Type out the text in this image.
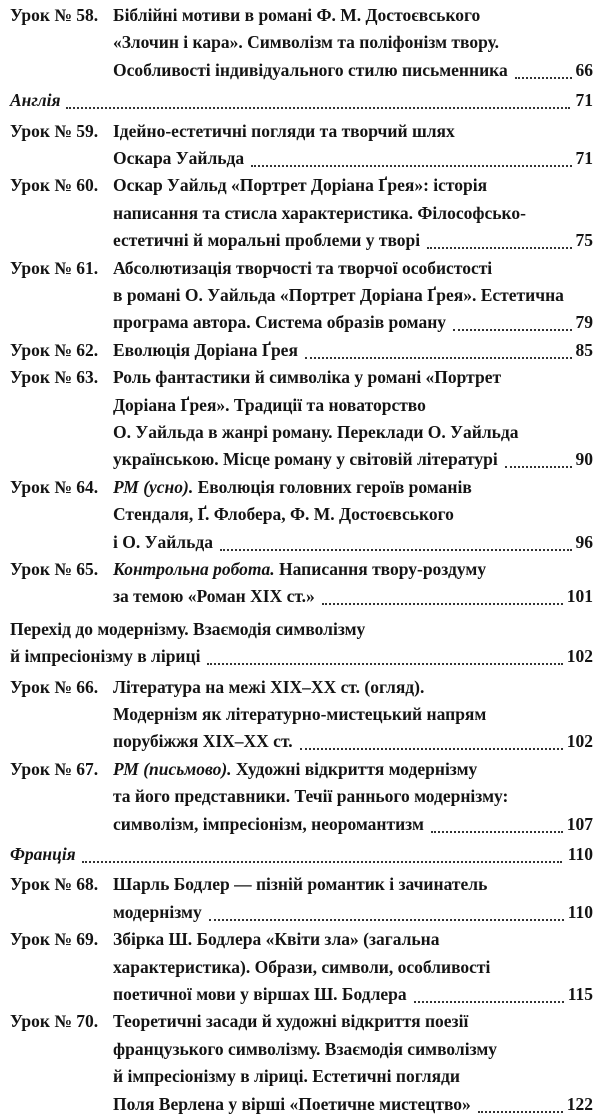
Урок № 58. Біблійні мотиви в романі Ф. М. Достоєвського
«Злочин і кара». Символізм та поліфонізм твору.
Особливості індивідуального стилю письменника	66
Англія	71
Урок № 59. Ідейно-естетичні погляди та творчий шлях
Оскара Уайльда	71
Урок № 60. Оскар Уайльд «Портрет Доріана Ґрея»: історія
написання та стисла характеристика. Філософсько-
естетичні й моральні проблеми у творі	75
Урок № 61. Абсолютизація творчості та творчої особистості
в романі О. Уайльда «Портрет Доріана Ґрея». Естетична
програма автора. Система образів роману	79
Урок № 62. Еволюція Доріана Ґрея	85
Урок № 63. Роль фантастики й символіка у романі «Портрет
Доріана Ґрея». Традиції та новаторство
О. Уайльда в жанрі роману. Переклади О. Уайльда
українською. Місце роману у світовій літературі	90
Урок № 64. РМ (усно). Еволюція головних героїв романів
Стендаля, Ґ. Флобера, Ф. М. Достоєвського
і О. Уайльда	96
Урок № 65. Контрольна робота. Написання твору-роздуму
за темою «Роман XIX ст.»	101
Перехід до модернізму. Взаємодія символізму
й імпресіонізму в ліриці	102
Урок № 66. Література на межі XIX–XX ст. (огляд).
Модернізм як літературно-мистецький напрям
порубіжжя XIX–XX ст.	102
Урок № 67. РМ (письмово). Художні відкриття модернізму
та його представники. Течії раннього модернізму:
символізм, імпресіонізм, неоромантизм	107
Франція	110
Урок № 68. Шарль Бодлер — пізній романтик і зачинатель
модернізму	110
Урок № 69. Збірка Ш. Бодлера «Квіти зла» (загальна
характеристика). Образи, символи, особливості
поетичної мови у віршах Ш. Бодлера	115
Урок № 70. Теоретичні засади й художні відкриття поезії
французького символізму. Взаємодія символізму
й імпресіонізму в ліриці. Естетичні погляди
Поля Верлена у вірші «Поетичне мистецтво»	122
